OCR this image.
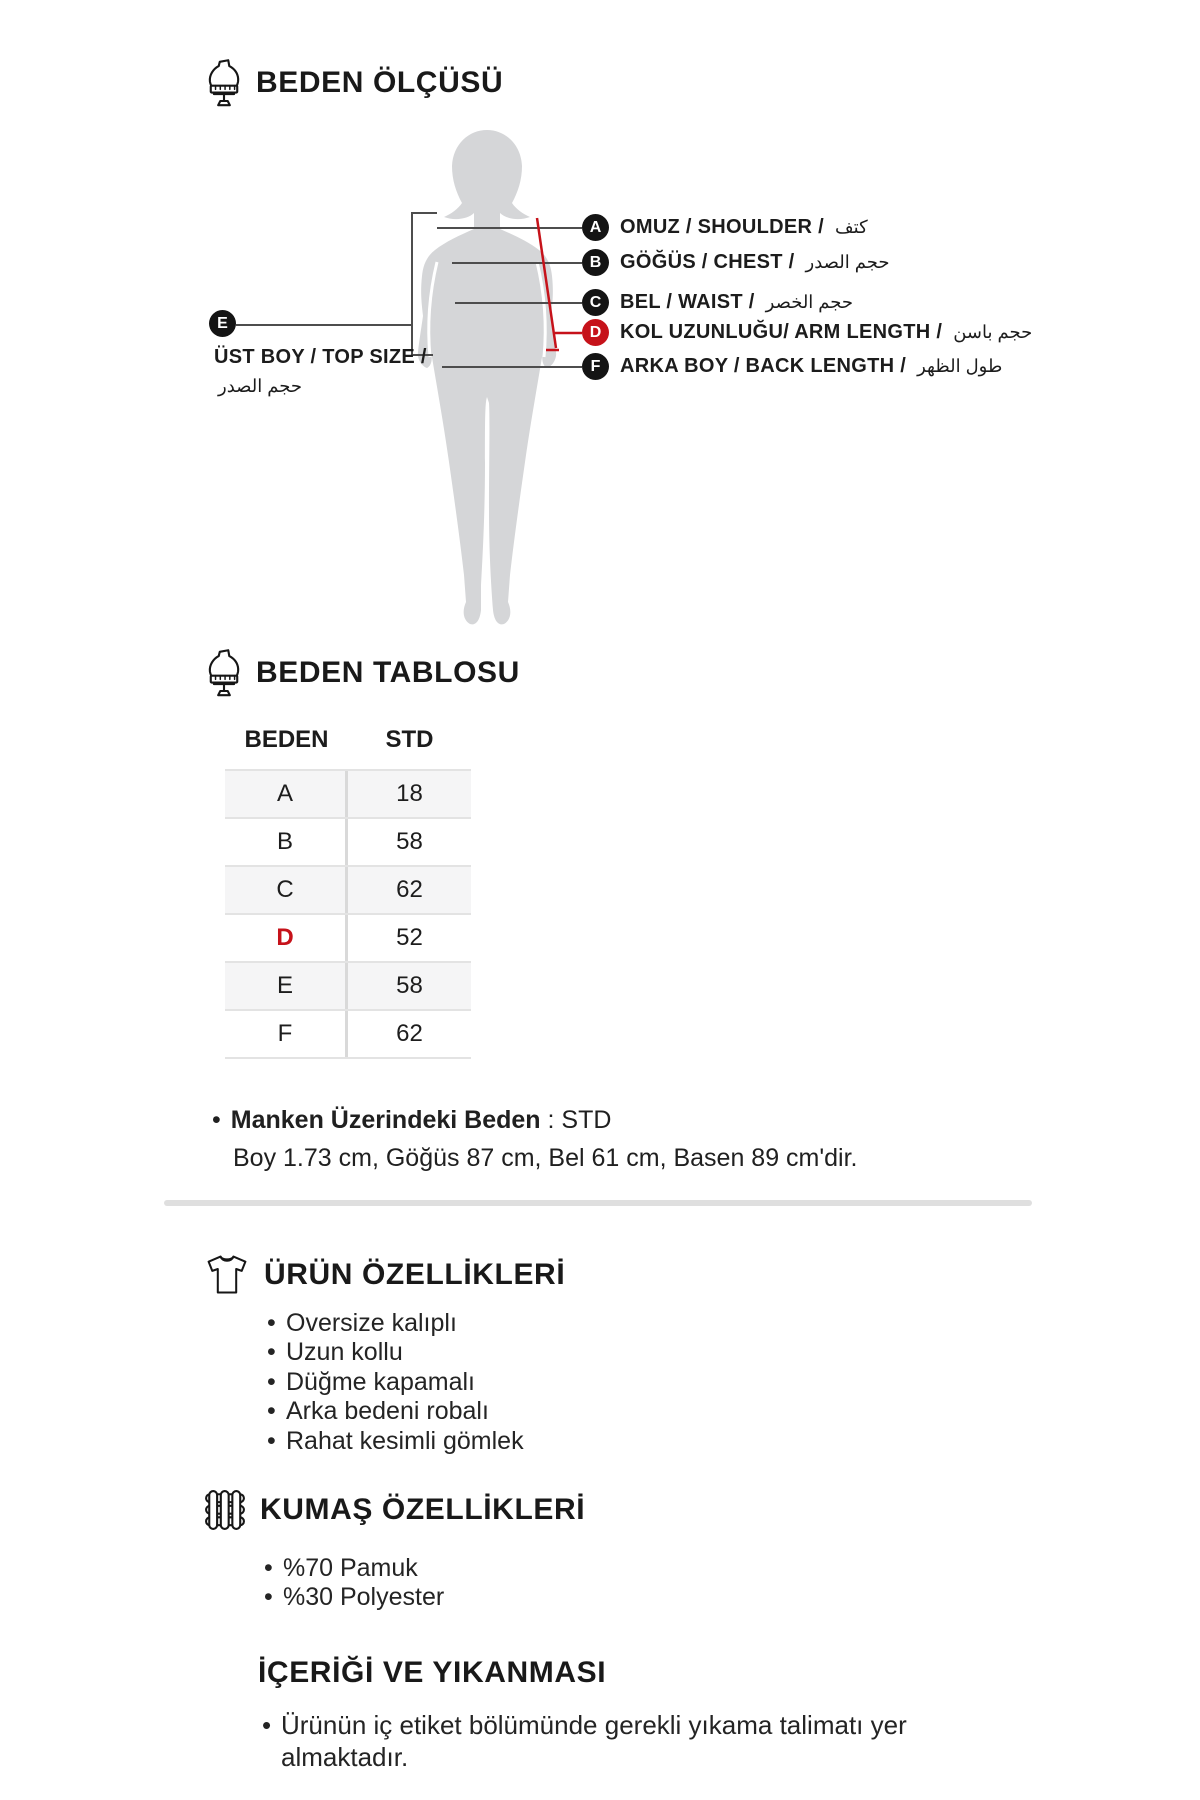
BEDEN ÖLÇÜSÜ
A OMUZ / SHOULDER / كتف
B GÖĞÜS / CHEST / حجم الصدر
C BEL / WAIST / حجم الخصر
D KOL UZUNLUĞU/ ARM LENGTH / حجم باسن
F ARKA BOY / BACK LENGTH / طول الظهر
E
ÜST BOY / TOP SIZE /
حجم الصدر
BEDEN TABLOSU
BEDEN	STD
A	18
B	58
C	62
D	52
E	58
F	62
• Manken Üzerindeki Beden : STD
Boy 1.73 cm, Göğüs 87 cm, Bel 61 cm, Basen 89 cm'dir.
ÜRÜN ÖZELLİKLERİ
• Oversize kalıplı
• Uzun kollu
• Düğme kapamalı
• Arka bedeni robalı
• Rahat kesimli gömlek
KUMAŞ ÖZELLİKLERİ
• %70 Pamuk
• %30 Polyester
İÇERİĞİ VE YIKANMASI
• Ürünün iç etiket bölümünde gerekli yıkama talimatı yer almaktadır.
